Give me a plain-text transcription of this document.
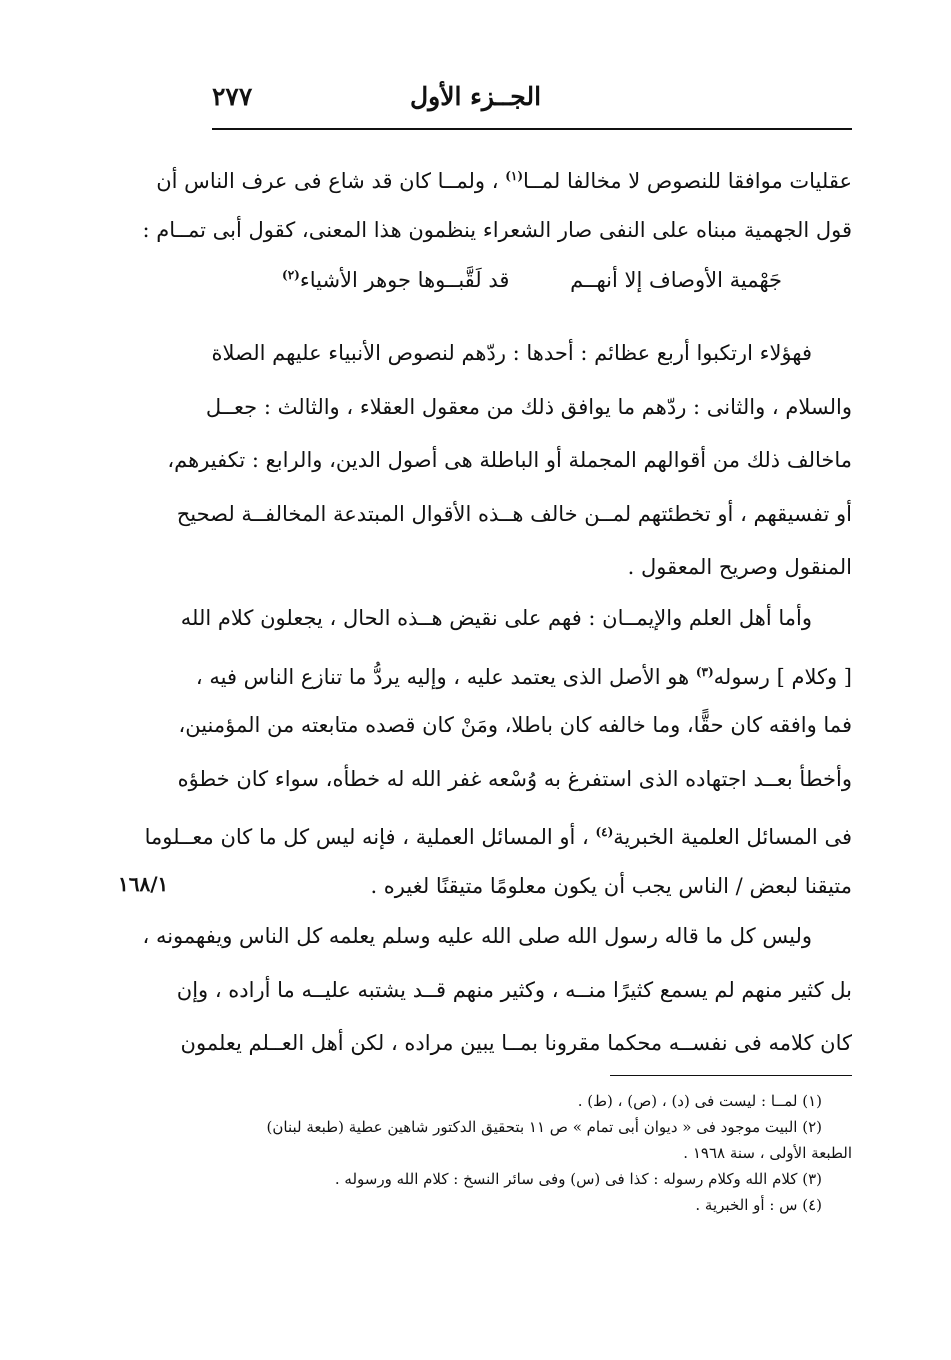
الجــزء الأول
٢٧٧
عقليات موافقا للنصوص لا مخالفا لمــا$^{(١)}$ ، ولمــا كان قد شاع فى عرف الناس أن
قول الجهمية مبناه على النفى صار الشعراء ينظمون هذا المعنى، كقول أبى تمــام :
جَهْمية الأوصاف إلا أنهــم
قد لَقَّبــوها جوهر الأشياء$^{(٢)}$
فهؤلاء ارتكبوا أربع عظائم : أحدها : ردّهم لنصوص الأنبياء عليهم الصلاة
والسلام ، والثانى : ردّهم ما يوافق ذلك من معقول العقلاء ، والثالث : جعــل
ماخالف ذلك من أقوالهم المجملة أو الباطلة هى أصول الدين، والرابع : تكفيرهم،
أو تفسيقهم ، أو تخطئتهم لمــن خالف هــذه الأقوال المبتدعة المخالفــة لصحيح
المنقول وصريح المعقول .
وأما أهل العلم والإيمــان : فهم على نقيض هــذه الحال ، يجعلون كلام الله
[ وكلام ] رسوله$^{(٣)}$ هو الأصل الذى يعتمد عليه ، وإليه يردُّ ما تنازع الناس فيه ،
فما وافقه كان حقًّا، وما خالفه كان باطلا، ومَنْ كان قصده متابعته من المؤمنين،
وأخطأ بعــد اجتهاده الذى استفرغ به وُسْعه غفر الله له خطأه، سواء كان خطؤه
فى المسائل العلمية الخبرية$^{(٤)}$ ، أو المسائل العملية ، فإنه ليس كل ما كان معــلوما
متيقنا لبعض / الناس يجب أن يكون معلومًا متيقنًا لغيره .
١٦٨/١
وليس كل ما قاله رسول الله صلى الله عليه وسلم يعلمه كل الناس ويفهمونه ،
بل كثير منهم لم يسمع كثيرًا منــه ، وكثير منهم قــد يشتبه عليــه ما أراده ، وإن
كان كلامه فى نفســه محكما مقرونا بمــا يبين مراده ، لكن أهل العــلم يعلمون
(١) لمــا : ليست فى (د) ، (ص) ، (ط) .
(٢) البيت موجود فى « ديوان أبى تمام » ص ١١ بتحقيق الدكتور شاهين عطية (طبعة لبنان)
الطبعة الأولى ، سنة ١٩٦٨ .
(٣) كلام الله وكلام رسوله : كذا فى (س) وفى سائر النسخ : كلام الله ورسوله .
(٤) س : أو الخبرية .
